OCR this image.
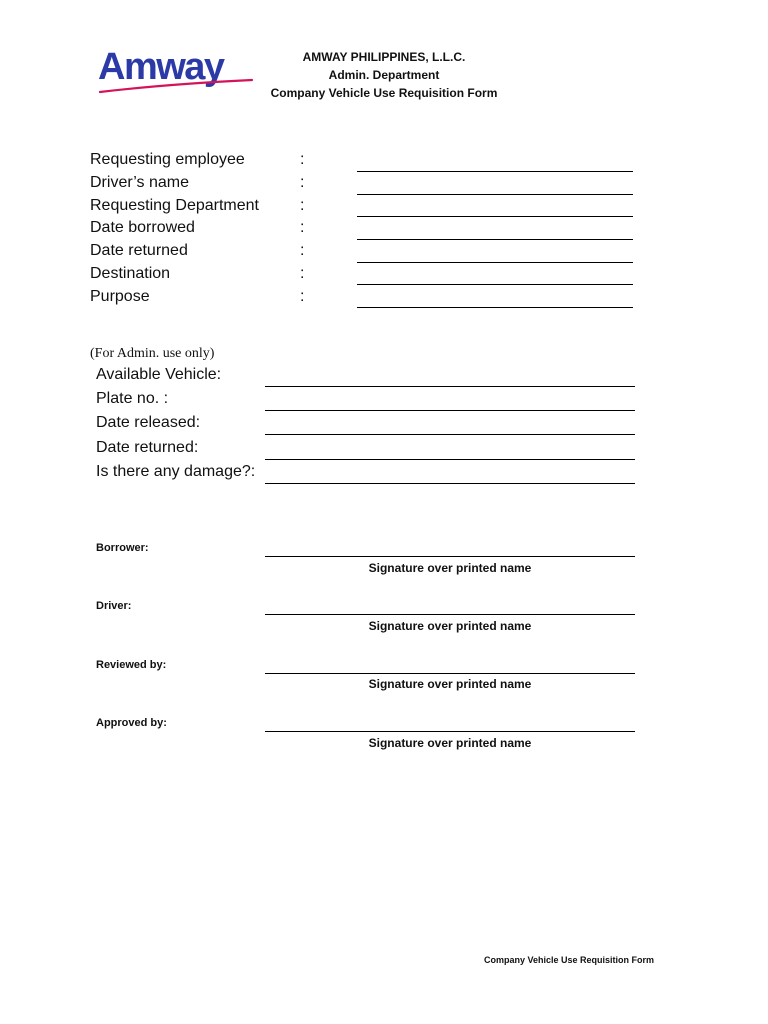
Amway	AMWAY PHILIPPINES, L.L.C.
Admin. Department
Company Vehicle Use Requisition Form
Requesting employee	:
Driver’s name	:
Requesting Department	:
Date borrowed	:
Date returned	:
Destination	:
Purpose	:
(For Admin. use only)
Available Vehicle:
Plate no. :
Date released:
Date returned:
Is there any damage?:
Borrower:
Signature over printed name
Driver:
Signature over printed name
Reviewed by:
Signature over printed name
Approved by:
Signature over printed name
Company Vehicle Use Requisition Form
